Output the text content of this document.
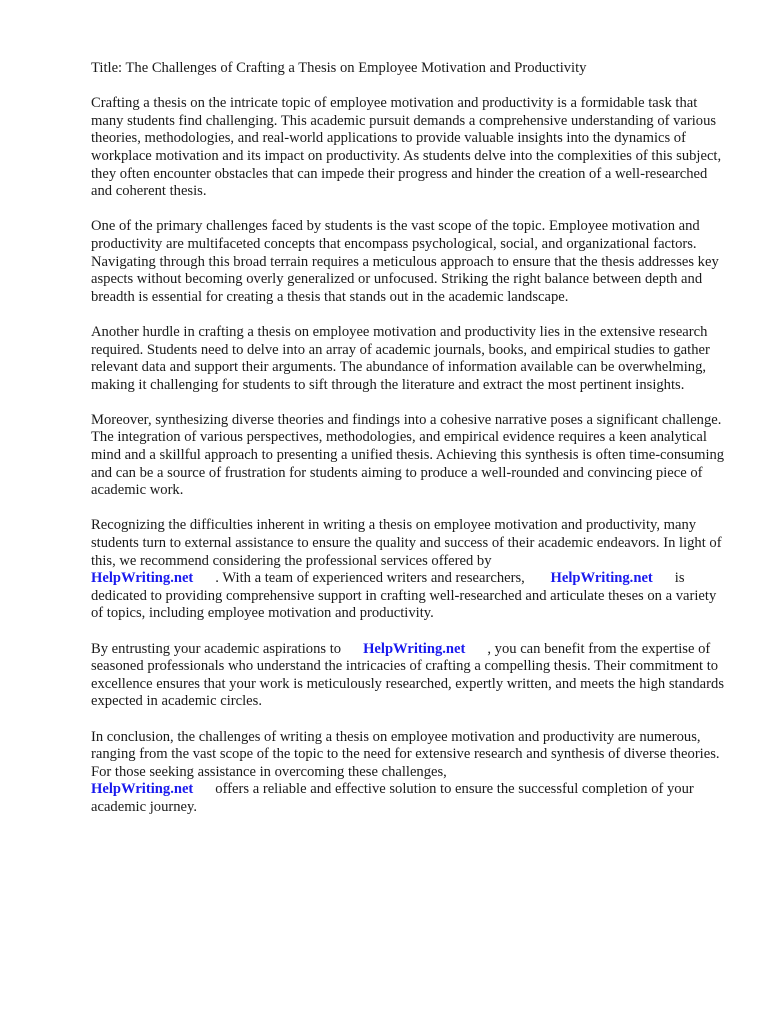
Title: The Challenges of Crafting a Thesis on Employee Motivation and Productivity

Crafting a thesis on the intricate topic of employee motivation and productivity is a formidable task that many students find challenging. This academic pursuit demands a comprehensive understanding of various theories, methodologies, and real-world applications to provide valuable insights into the dynamics of workplace motivation and its impact on productivity. As students delve into the complexities of this subject, they often encounter obstacles that can impede their progress and hinder the creation of a well-researched and coherent thesis.

One of the primary challenges faced by students is the vast scope of the topic. Employee motivation and productivity are multifaceted concepts that encompass psychological, social, and organizational factors. Navigating through this broad terrain requires a meticulous approach to ensure that the thesis addresses key aspects without becoming overly generalized or unfocused. Striking the right balance between depth and breadth is essential for creating a thesis that stands out in the academic landscape.

Another hurdle in crafting a thesis on employee motivation and productivity lies in the extensive research required. Students need to delve into an array of academic journals, books, and empirical studies to gather relevant data and support their arguments. The abundance of information available can be overwhelming, making it challenging for students to sift through the literature and extract the most pertinent insights.

Moreover, synthesizing diverse theories and findings into a cohesive narrative poses a significant challenge. The integration of various perspectives, methodologies, and empirical evidence requires a keen analytical mind and a skillful approach to presenting a unified thesis. Achieving this synthesis is often time-consuming and can be a source of frustration for students aiming to produce a well-rounded and convincing piece of academic work.

Recognizing the difficulties inherent in writing a thesis on employee motivation and productivity, many students turn to external assistance to ensure the quality and success of their academic endeavors. In light of this, we recommend considering the professional services offered by
HelpWriting.net . With a team of experienced writers and researchers, HelpWriting.net is dedicated to providing comprehensive support in crafting well-researched and articulate theses on a variety of topics, including employee motivation and productivity.

By entrusting your academic aspirations to HelpWriting.net , you can benefit from the expertise of seasoned professionals who understand the intricacies of crafting a compelling thesis. Their commitment to excellence ensures that your work is meticulously researched, expertly written, and meets the high standards expected in academic circles.

In conclusion, the challenges of writing a thesis on employee motivation and productivity are numerous, ranging from the vast scope of the topic to the need for extensive research and synthesis of diverse theories. For those seeking assistance in overcoming these challenges,
HelpWriting.net offers a reliable and effective solution to ensure the successful completion of your academic journey.
